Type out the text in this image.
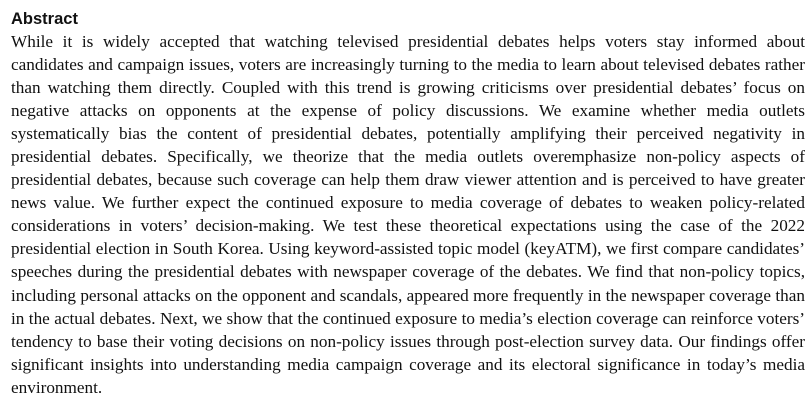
Abstract

While it is widely accepted that watching televised presidential debates helps voters stay informed about candidates and campaign issues, voters are increasingly turning to the media to learn about televised debates rather than watching them directly. Coupled with this trend is growing criticisms over presidential debates’ focus on negative attacks on opponents at the expense of policy discussions. We examine whether media outlets systematically bias the content of presidential debates, potentially amplifying their perceived negativity in presidential debates. Specifically, we theorize that the media outlets overemphasize non-policy aspects of presidential debates, because such coverage can help them draw viewer attention and is perceived to have greater news value. We further expect the continued exposure to media coverage of debates to weaken policy-related considerations in voters’ decision-making. We test these theoretical expectations using the case of the 2022 presidential election in South Korea. Using keyword-assisted topic model (keyATM), we first compare candidates’ speeches during the presidential debates with newspaper coverage of the debates. We find that non-policy topics, including personal attacks on the opponent and scandals, appeared more frequently in the newspaper coverage than in the actual debates. Next, we show that the continued exposure to media’s election coverage can reinforce voters’ tendency to base their voting decisions on non-policy issues through post-election survey data. Our findings offer significant insights into understanding media campaign coverage and its electoral significance in today’s media environment.
